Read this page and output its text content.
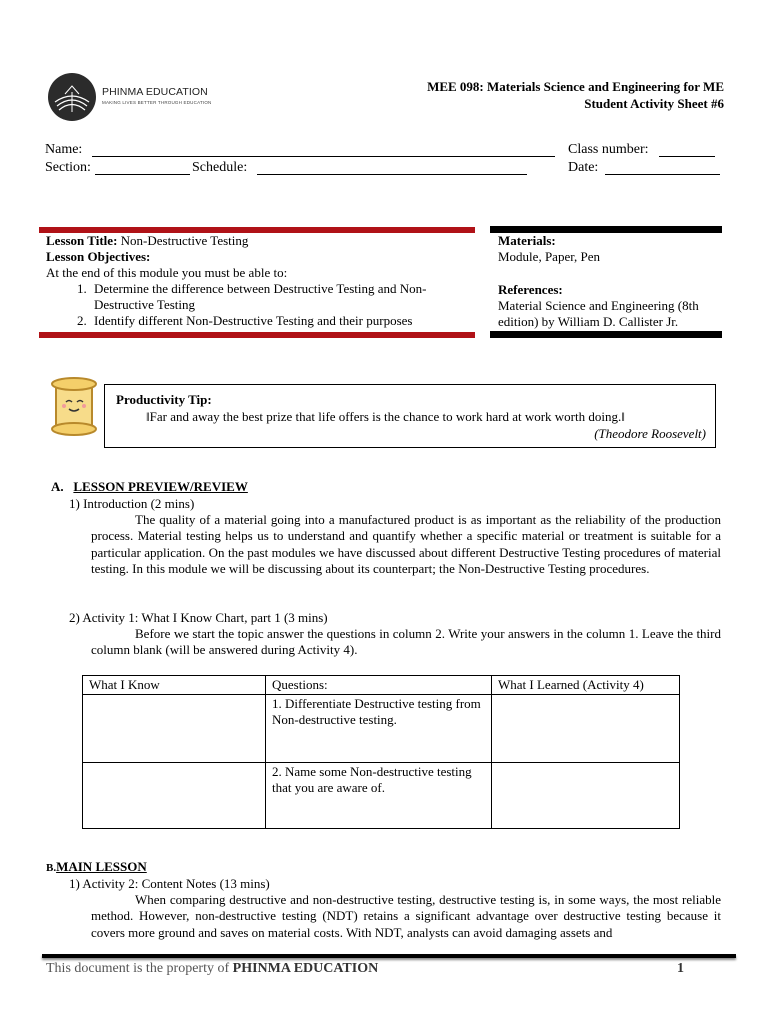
PHINMA EDUCATION
MAKING LIVES BETTER THROUGH EDUCATION
MEE 098: Materials Science and Engineering for ME
Student Activity Sheet #6
Name:	Class number:
Section:	Schedule:	Date:
Lesson Title: Non-Destructive Testing
Lesson Objectives:
At the end of this module you must be able to:
1. Determine the difference between Destructive Testing and Non-Destructive Testing
2. Identify different Non-Destructive Testing and their purposes
Materials:
Module, Paper, Pen
References:
Material Science and Engineering (8th edition) by William D. Callister Jr.
Productivity Tip:
‖Far and away the best prize that life offers is the chance to work hard at work worth doing.‖
(Theodore Roosevelt)
A. LESSON PREVIEW/REVIEW
1) Introduction (2 mins)
The quality of a material going into a manufactured product is as important as the reliability of the production process. Material testing helps us to understand and quantify whether a specific material or treatment is suitable for a particular application. On the past modules we have discussed about different Destructive Testing procedures of material testing. In this module we will be discussing about its counterpart; the Non-Destructive Testing procedures.
2) Activity 1: What I Know Chart, part 1 (3 mins)
Before we start the topic answer the questions in column 2. Write your answers in the column 1. Leave the third column blank (will be answered during Activity 4).
What I Know	Questions:	What I Learned (Activity 4)
	1. Differentiate Destructive testing from Non-destructive testing.	
	2. Name some Non-destructive testing that you are aware of.	
B.MAIN LESSON
1) Activity 2: Content Notes (13 mins)
When comparing destructive and non-destructive testing, destructive testing is, in some ways, the most reliable method. However, non-destructive testing (NDT) retains a significant advantage over destructive testing because it covers more ground and saves on material costs. With NDT, analysts can avoid damaging assets and
This document is the property of PHINMA EDUCATION	1
